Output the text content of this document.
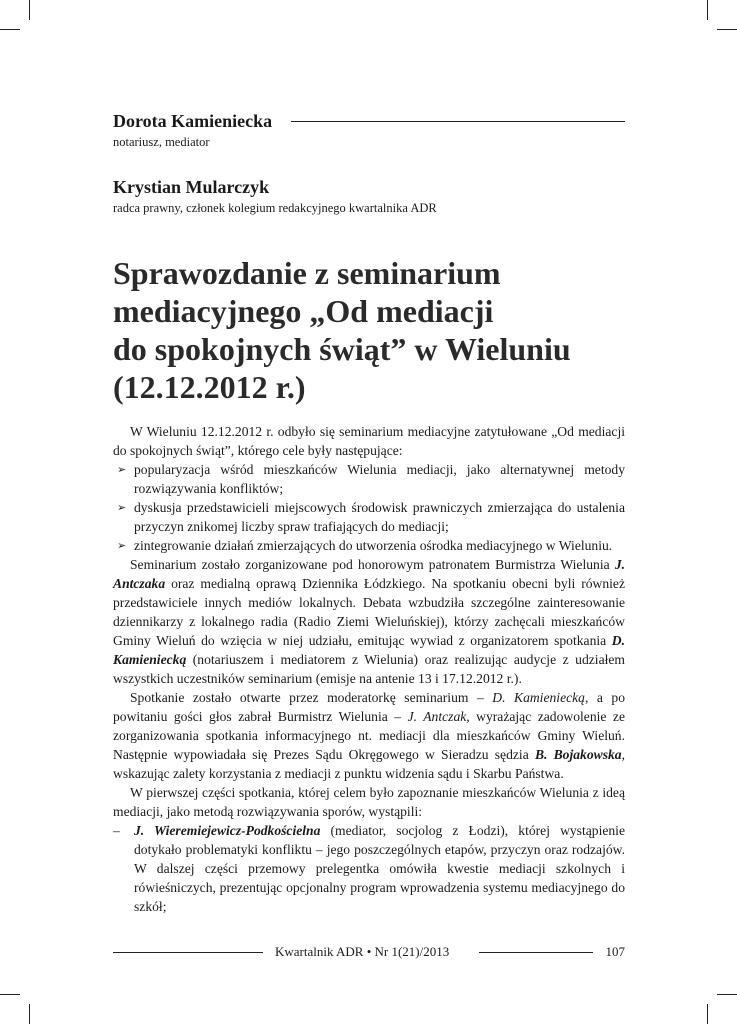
Dorota Kamieniecka
notariusz, mediator
Krystian Mularczyk
radca prawny, członek kolegium redakcyjnego kwartalnika ADR
Sprawozdanie z seminarium
mediacyjnego „Od mediacji
do spokojnych świąt” w Wieluniu
(12.12.2012 r.)

W Wieluniu 12.12.2012 r. odbyło się seminarium mediacyjne zatytułowane „Od mediacji do spokojnych świąt”, którego cele były następujące:

➢ popularyzacja wśród mieszkańców Wielunia mediacji, jako alternatywnej metody rozwiązywania konfliktów;
➢ dyskusja przedstawicieli miejscowych środowisk prawniczych zmierzająca do ustalenia przyczyn znikomej liczby spraw trafiających do mediacji;
➢ zintegrowanie działań zmierzających do utworzenia ośrodka mediacyjnego w Wieluniu.

Seminarium zostało zorganizowane pod honorowym patronatem Burmistrza Wielunia J. Antczaka oraz medialną oprawą Dziennika Łódzkiego. Na spotkaniu obecni byli również przedstawiciele innych mediów lokalnych. Debata wzbudziła szczególne zainteresowanie dziennikarzy z lokalnego radia (Radio Ziemi Wieluńskiej), którzy zachęcali mieszkańców Gminy Wieluń do wzięcia w niej udziału, emitując wywiad z organizatorem spotkania D. Kamieniecką (notariuszem i mediatorem z Wielunia) oraz realizując audycje z udziałem wszystkich uczestników seminarium (emisje na antenie 13 i 17.12.2012 r.).

Spotkanie zostało otwarte przez moderatorkę seminarium – D. Kamieniecką, a po powitaniu gości głos zabrał Burmistrz Wielunia – J. Antczak, wyrażając zadowolenie ze zorganizowania spotkania informacyjnego nt. mediacji dla mieszkańców Gminy Wieluń. Następnie wypowiadała się Prezes Sądu Okręgowego w Sieradzu sędzia B. Bojakowska, wskazując zalety korzystania z mediacji z punktu widzenia sądu i Skarbu Państwa.

W pierwszej części spotkania, której celem było zapoznanie mieszkańców Wielunia z ideą mediacji, jako metodą rozwiązywania sporów, wystąpili:

– J. Wieremiejewicz-Podkościelna (mediator, socjolog z Łodzi), której wystąpienie dotykało problematyki konfliktu – jego poszczególnych etapów, przyczyn oraz rodzajów. W dalszej części przemowy prelegentka omówiła kwestie mediacji szkolnych i rówieśniczych, prezentując opcjonalny program wprowadzenia systemu mediacyjnego do szkół;
Kwartalnik ADR • Nr 1(21)/2013	107
